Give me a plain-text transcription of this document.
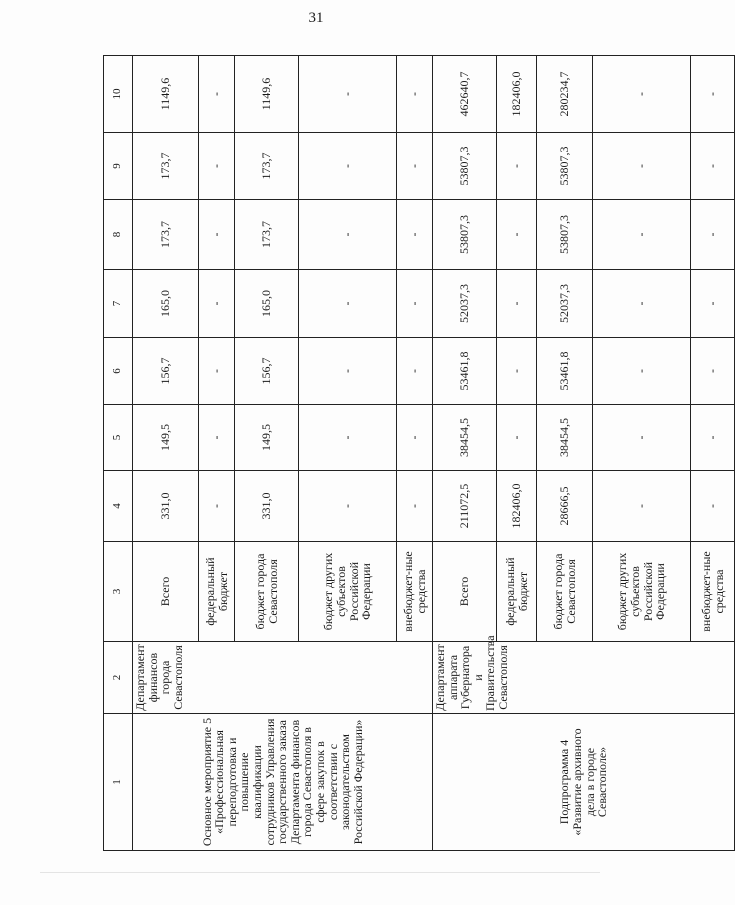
31
1	2	3	4	5	6	7	8	9	10
Основное мероприятие 5 «Профессиональная переподготовка и повышение квалификации сотрудников Управления государственного заказа Департамента финансов города Севастополя в сфере закупок в соответствии с законодательством Российской Федерации»	Департамент финансов города Севастополя	Всего	331,0	149,5	156,7	165,0	173,7	173,7	1149,6
		федеральный бюджет	-	-	-	-	-	-	-
		бюджет города Севастополя	331,0	149,5	156,7	165,0	173,7	173,7	1149,6
		бюджет других субъектов Российской Федерации	-	-	-	-	-	-	-
		внебюджет-ные средства	-	-	-	-	-	-	-
Подпрограмма 4 «Развитие архивного дела в городе Севастополе»	Департамент аппарата Губернатора и Правительства Севастополя	Всего	211072,5	38454,5	53461,8	52037,3	53807,3	53807,3	462640,7
		федеральный бюджет	182406,0	-	-	-	-	-	182406,0
		бюджет города Севастополя	28666,5	38454,5	53461,8	52037,3	53807,3	53807,3	280234,7
		бюджет других субъектов Российской Федерации	-	-	-	-	-	-	-
		внебюджет-ные средства	-	-	-	-	-	-	-
